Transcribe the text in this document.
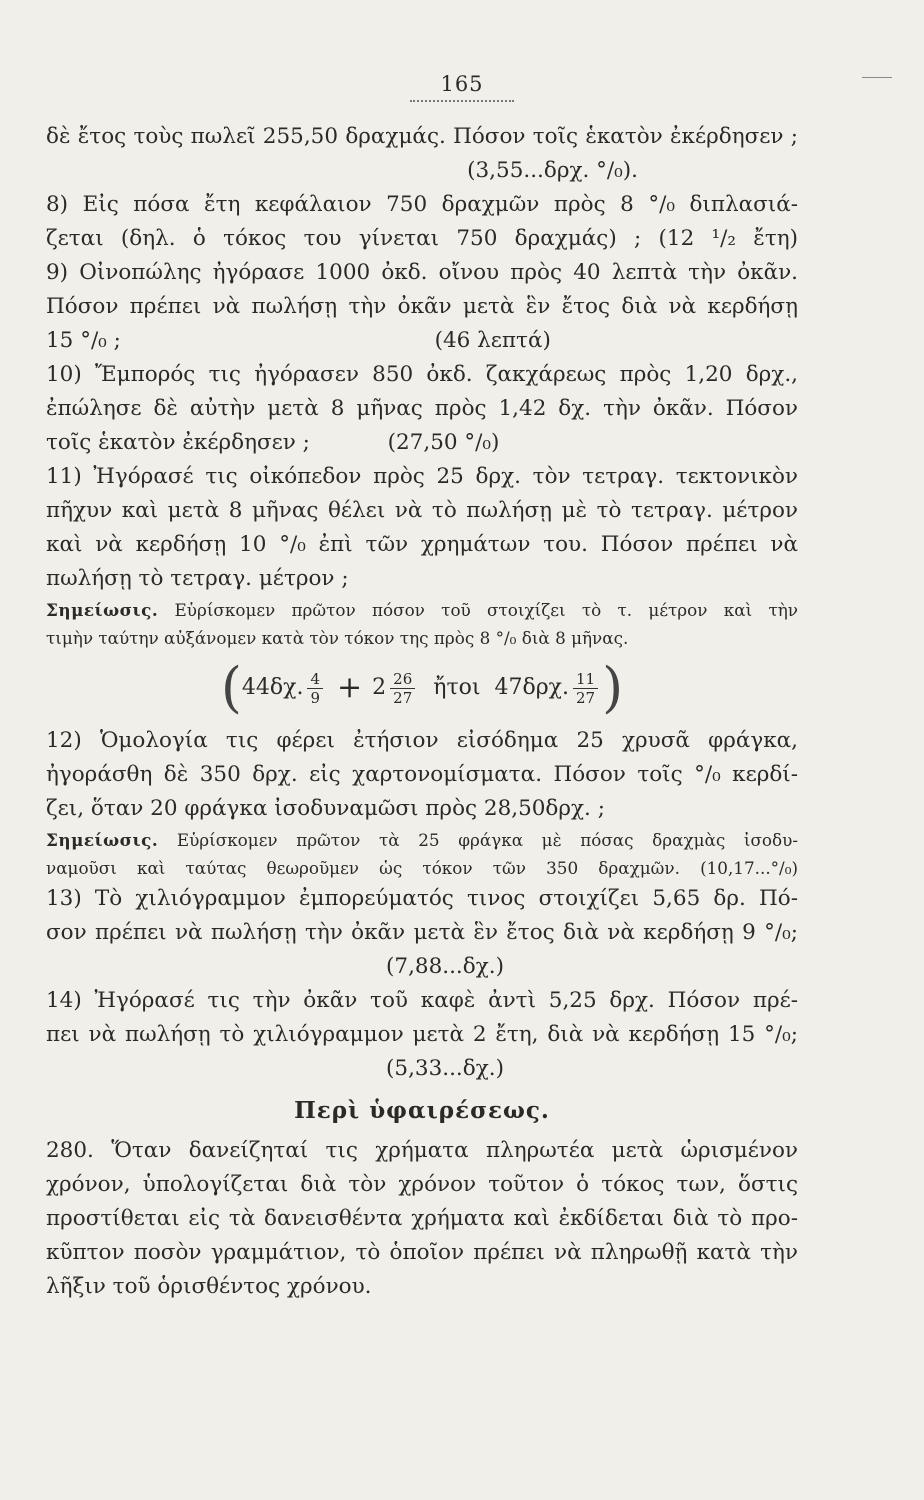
165
δὲ ἔτος τοὺς πωλεῖ 255,50 δραχμάς. Πόσον τοῖς ἑκατὸν ἐκέρδησεν ;
(3,55...δρχ. °/₀).
8) Εἰς πόσα ἔτη κεφάλαιον 750 δραχμῶν πρὸς 8 °/₀ διπλασιά-
ζεται (δηλ. ὁ τόκος του γίνεται 750 δραχμάς) ; (12 ¹/₂ ἔτη)
9) Οἰνοπώλης ἠγόρασε 1000 ὀκδ. οἴνου πρὸς 40 λεπτὰ τὴν ὀκᾶν.
Πόσον πρέπει νὰ πωλήσῃ τὴν ὀκᾶν μετὰ ἓν ἔτος διὰ νὰ κερδήσῃ
15 °/₀ ;	(46 λεπτά)
10) Ἔμπορός τις ἠγόρασεν 850 ὀκδ. ζακχάρεως πρὸς 1,20 δρχ.,
ἐπώλησε δὲ αὐτὴν μετὰ 8 μῆνας πρὸς 1,42 δχ. τὴν ὀκᾶν. Πόσον
τοῖς ἑκατὸν ἐκέρδησεν ;	(27,50 °/₀)
11) Ἠγόρασέ τις οἰκόπεδον πρὸς 25 δρχ. τὸν τετραγ. τεκτονικὸν
πῆχυν καὶ μετὰ 8 μῆνας θέλει νὰ τὸ πωλήσῃ μὲ τὸ τετραγ. μέτρον
καὶ νὰ κερδήσῃ 10 °/₀ ἐπὶ τῶν χρημάτων του. Πόσον πρέπει νὰ
πωλήσῃ τὸ τετραγ. μέτρον ;
Σημείωσις. Εὑρίσκομεν πρῶτον πόσον τοῦ στοιχίζει τὸ τ. μέτρον καὶ τὴν
τιμὴν ταύτην αὐξάνομεν κατὰ τὸν τόκον της πρὸς 8 °/₀ διὰ 8 μῆνας.
( 44δχ. $\frac{4}{9} + 2 \frac{26}{27}$ ἤτοι 47δρχ. $\frac{11}{27}$ )
12) Ὁμολογία τις φέρει ἐτήσιον εἰσόδημα 25 χρυσᾶ φράγκα,
ἠγοράσθη δὲ 350 δρχ. εἰς χαρτονομίσματα. Πόσον τοῖς °/₀ κερδί-
ζει, ὅταν 20 φράγκα ἰσοδυναμῶσι πρὸς 28,50δρχ. ;
Σημείωσις. Εὑρίσκομεν πρῶτον τὰ 25 φράγκα μὲ πόσας δραχμὰς ἰσοδυ-
ναμοῦσι καὶ ταύτας θεωροῦμεν ὡς τόκον τῶν 350 δραχμῶν. (10,17...°/₀)
13) Τὸ χιλιόγραμμον ἐμπορεύματός τινος στοιχίζει 5,65 δρ. Πό-
σον πρέπει νὰ πωλήσῃ τὴν ὀκᾶν μετὰ ἓν ἔτος διὰ νὰ κερδήσῃ 9 °/₀;
(7,88...δχ.)
14) Ἠγόρασέ τις τὴν ὀκᾶν τοῦ καφὲ ἀντὶ 5,25 δρχ. Πόσον πρέ-
πει νὰ πωλήσῃ τὸ χιλιόγραμμον μετὰ 2 ἔτη, διὰ νὰ κερδήσῃ 15 °/₀;
(5,33...δχ.)
Περὶ ὑφαιρέσεως.
280. Ὅταν δανείζηταί τις χρήματα πληρωτέα μετὰ ὡρισμένον
χρόνον, ὑπολογίζεται διὰ τὸν χρόνον τοῦτον ὁ τόκος των, ὅστις
προστίθεται εἰς τὰ δανεισθέντα χρήματα καὶ ἐκδίδεται διὰ τὸ προ-
κῦπτον ποσὸν γραμμάτιον, τὸ ὁποῖον πρέπει νὰ πληρωθῇ κατὰ τὴν
λῆξιν τοῦ ὁρισθέντος χρόνου.
